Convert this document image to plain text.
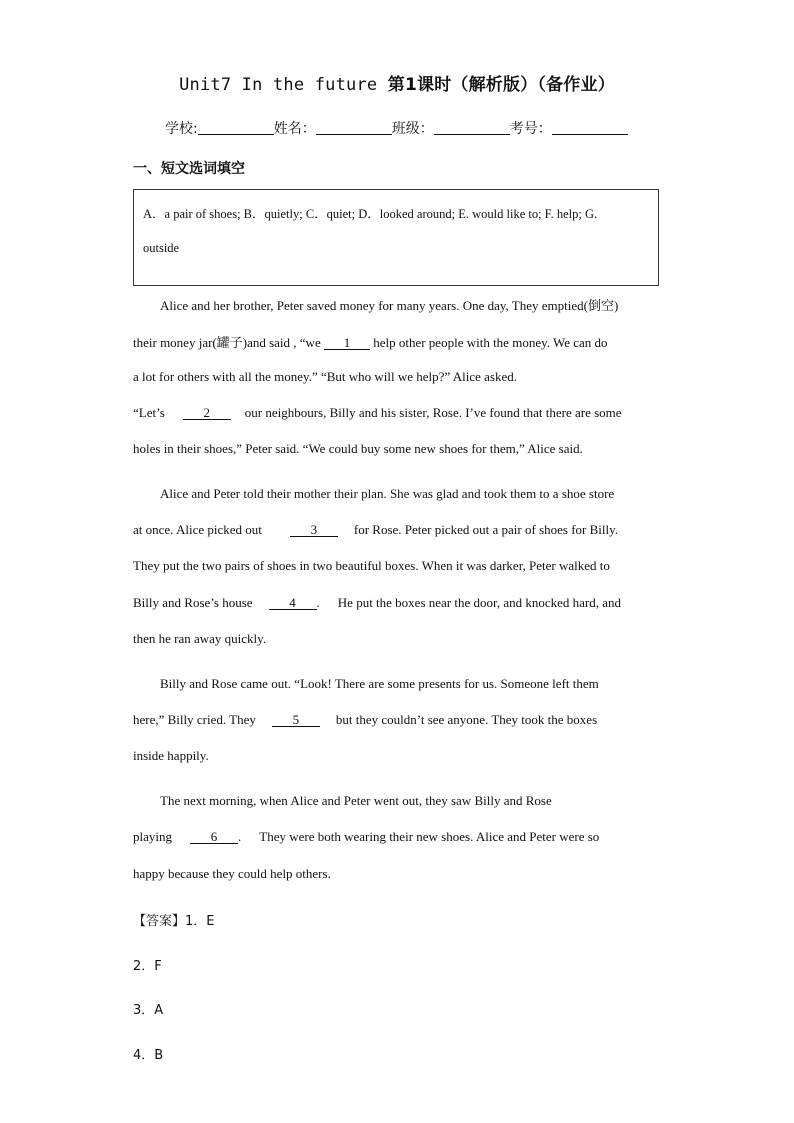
Unit7 In the future 第1课时（解析版）（备作业）
学校:	姓名：	班级：	考号：
一、短文选词填空
A．a pair of shoes; B．quietly; C．quiet; D．looked around; E. would like to; F. help; G.
outside
Alice and her brother, Peter saved money for many years. One day, They emptied(倒空)
their money jar(罐子)and said , “we 1 help other people with the money. We can do
a lot for others with all the money.” “But who will we help?” Alice asked.
“Let’s	2	our neighbours, Billy and his sister, Rose. I’ve found that there are some
holes in their shoes,” Peter said. “We could buy some new shoes for them,” Alice said.
Alice and Peter told their mother their plan. She was glad and took them to a shoe store
at once. Alice picked out	3	for Rose. Peter picked out a pair of shoes for Billy.
They put the two pairs of shoes in two beautiful boxes. When it was darker, Peter walked to
Billy and Rose’s house	4 . He put the boxes near the door, and knocked hard, and
then he ran away quickly.
Billy and Rose came out. “Look! There are some presents for us. Someone left them
here,” Billy cried. They	5	but they couldn’t see anyone. They took the boxes
inside happily.
The next morning, when Alice and Peter went out, they saw Billy and Rose
playing	6 . They were both wearing their new shoes. Alice and Peter were so
happy because they could help others.
【答案】1．E
2．F
3．A
4．B
